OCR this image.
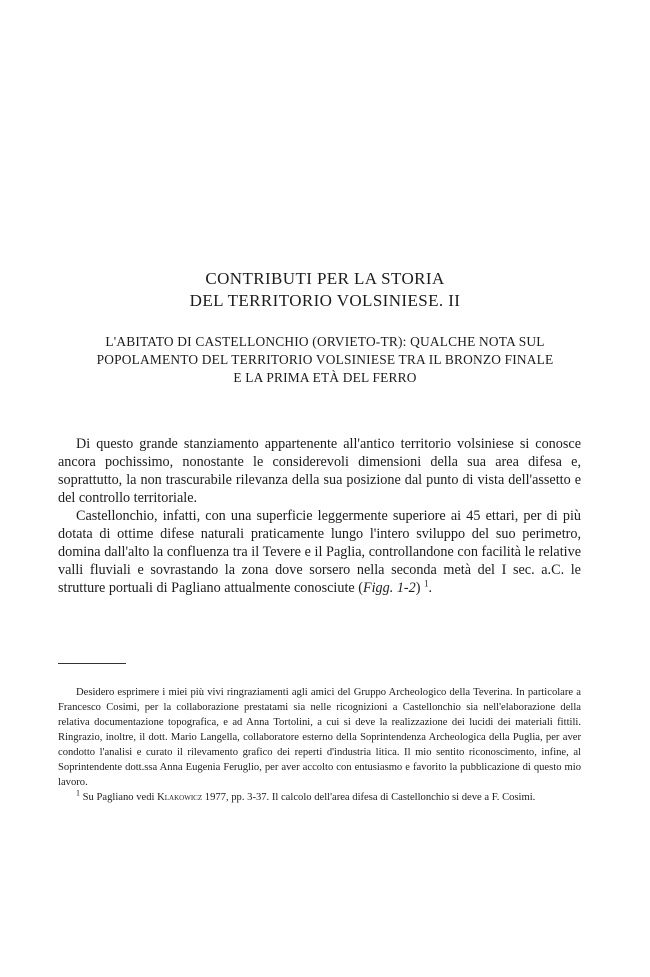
CONTRIBUTI PER LA STORIA
DEL TERRITORIO VOLSINIESE. II
L'ABITATO DI CASTELLONCHIO (ORVIETO-TR): QUALCHE NOTA SUL
POPOLAMENTO DEL TERRITORIO VOLSINIESE TRA IL BRONZO FINALE
E LA PRIMA ETÀ DEL FERRO

Di questo grande stanziamento appartenente all'antico territorio volsiniese si conosce ancora pochissimo, nonostante le considerevoli dimensioni della sua area difesa e, soprattutto, la non trascurabile rilevanza della sua posizione dal punto di vista dell'assetto e del controllo territoriale.

Castellonchio, infatti, con una superficie leggermente superiore ai 45 ettari, per di più dotata di ottime difese naturali praticamente lungo l'intero sviluppo del suo perimetro, domina dall'alto la confluenza tra il Tevere e il Paglia, controllandone con facilità le relative valli fluviali e sovrastando la zona dove sorsero nella seconda metà del I sec. a.C. le strutture portuali di Pagliano attualmente conosciute (Figg. 1-2) $^1$.

Desidero esprimere i miei più vivi ringraziamenti agli amici del Gruppo Archeologico della Teverina. In particolare a Francesco Cosimi, per la collaborazione prestatami sia nelle ricognizioni a Castellonchio sia nell'elaborazione della relativa documentazione topografica, e ad Anna Tortolini, a cui si deve la realizzazione dei lucidi dei materiali fittili. Ringrazio, inoltre, il dott. Mario Langella, collaboratore esterno della Soprintendenza Archeologica della Puglia, per aver condotto l'analisi e curato il rilevamento grafico dei reperti d'industria litica. Il mio sentito riconoscimento, infine, al Soprintendente dott.ssa Anna Eugenia Feruglio, per aver accolto con entusiasmo e favorito la pubblicazione di questo mio lavoro.

$^1$ Su Pagliano vedi Klakowicz 1977, pp. 3-37. Il calcolo dell'area difesa di Castellonchio si deve a F. Cosimi.
